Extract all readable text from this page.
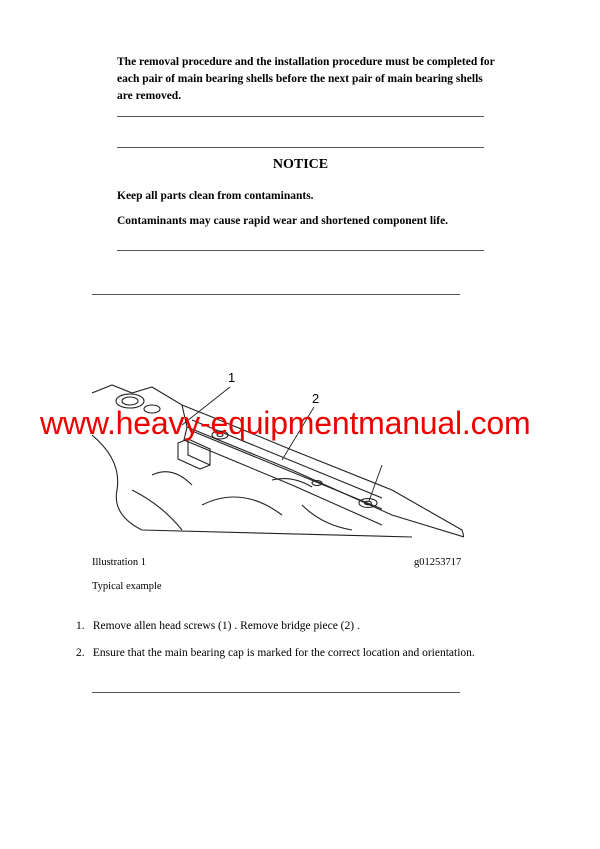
The removal procedure and the installation procedure must be completed for each pair of main bearing shells before the next pair of main bearing shells are removed.
NOTICE
Keep all parts clean from contaminants.
Contaminants may cause rapid wear and shortened component life.
1
2
www.heavy-equipmentmanual.com
Illustration 1	g01253717
Typical example
1. Remove allen head screws (1) . Remove bridge piece (2) .
2. Ensure that the main bearing cap is marked for the correct location and orientation.
